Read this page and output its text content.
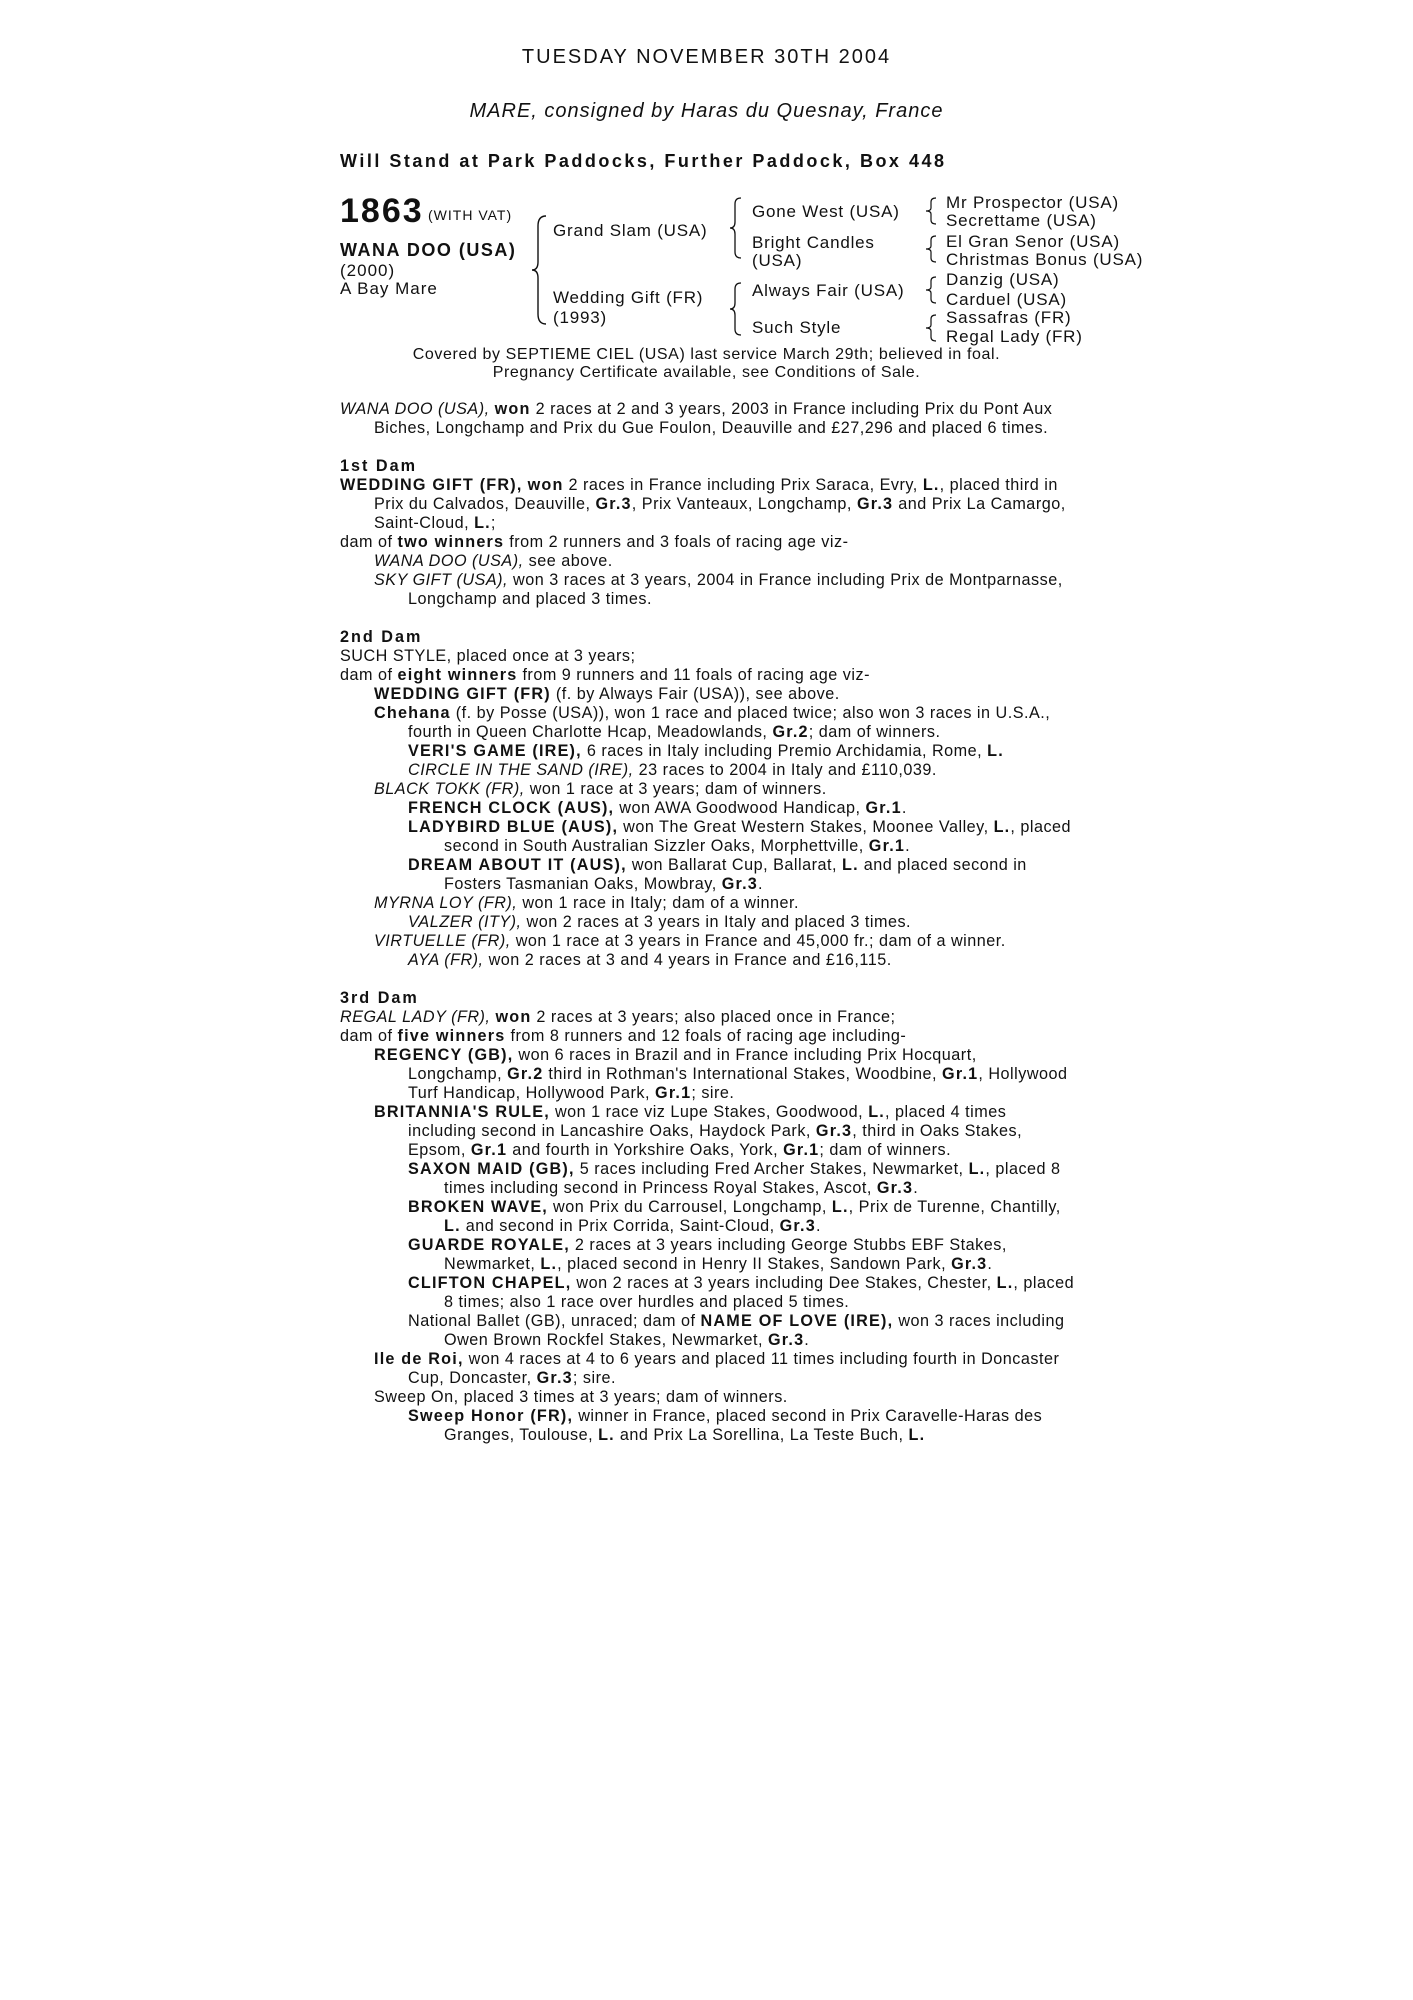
TUESDAY NOVEMBER 30TH 2004
MARE, consigned by Haras du Quesnay, France
Will Stand at Park Paddocks, Further Paddock, Box 448
1863 (WITH VAT)
WANA DOO (USA)
(2000)
A Bay Mare
Grand Slam (USA)
Wedding Gift (FR)
(1993)
Gone West (USA)
Bright Candles
(USA)
Always Fair (USA)
Such Style
Mr Prospector (USA)
Secrettame (USA)
El Gran Senor (USA)
Christmas Bonus (USA)
Danzig (USA)
Carduel (USA)
Sassafras (FR)
Regal Lady (FR)
Covered by SEPTIEME CIEL (USA) last service March 29th; believed in foal.
Pregnancy Certificate available, see Conditions of Sale.

WANA DOO (USA), won 2 races at 2 and 3 years, 2003 in France including Prix du Pont Aux Biches, Longchamp and Prix du Gue Foulon, Deauville and £27,296 and placed 6 times.

1st Dam

WEDDING GIFT (FR), won 2 races in France including Prix Saraca, Evry, L., placed third in Prix du Calvados, Deauville, Gr.3, Prix Vanteaux, Longchamp, Gr.3 and Prix La Camargo, Saint-Cloud, L.;

dam of two winners from 2 runners and 3 foals of racing age viz-

WANA DOO (USA), see above.

SKY GIFT (USA), won 3 races at 3 years, 2004 in France including Prix de Montparnasse, Longchamp and placed 3 times.

2nd Dam

SUCH STYLE, placed once at 3 years;

dam of eight winners from 9 runners and 11 foals of racing age viz-

WEDDING GIFT (FR) (f. by Always Fair (USA)), see above.

Chehana (f. by Posse (USA)), won 1 race and placed twice; also won 3 races in U.S.A., fourth in Queen Charlotte Hcap, Meadowlands, Gr.2; dam of winners.

VERI'S GAME (IRE), 6 races in Italy including Premio Archidamia, Rome, L.

CIRCLE IN THE SAND (IRE), 23 races to 2004 in Italy and £110,039.

BLACK TOKK (FR), won 1 race at 3 years; dam of winners.

FRENCH CLOCK (AUS), won AWA Goodwood Handicap, Gr.1.

LADYBIRD BLUE (AUS), won The Great Western Stakes, Moonee Valley, L., placed second in South Australian Sizzler Oaks, Morphettville, Gr.1.

DREAM ABOUT IT (AUS), won Ballarat Cup, Ballarat, L. and placed second in Fosters Tasmanian Oaks, Mowbray, Gr.3.

MYRNA LOY (FR), won 1 race in Italy; dam of a winner.

VALZER (ITY), won 2 races at 3 years in Italy and placed 3 times.

VIRTUELLE (FR), won 1 race at 3 years in France and 45,000 fr.; dam of a winner.

AYA (FR), won 2 races at 3 and 4 years in France and £16,115.

3rd Dam

REGAL LADY (FR), won 2 races at 3 years; also placed once in France;

dam of five winners from 8 runners and 12 foals of racing age including-

REGENCY (GB), won 6 races in Brazil and in France including Prix Hocquart, Longchamp, Gr.2 third in Rothman's International Stakes, Woodbine, Gr.1, Hollywood Turf Handicap, Hollywood Park, Gr.1; sire.

BRITANNIA'S RULE, won 1 race viz Lupe Stakes, Goodwood, L., placed 4 times including second in Lancashire Oaks, Haydock Park, Gr.3, third in Oaks Stakes, Epsom, Gr.1 and fourth in Yorkshire Oaks, York, Gr.1; dam of winners.

SAXON MAID (GB), 5 races including Fred Archer Stakes, Newmarket, L., placed 8 times including second in Princess Royal Stakes, Ascot, Gr.3.

BROKEN WAVE, won Prix du Carrousel, Longchamp, L., Prix de Turenne, Chantilly, L. and second in Prix Corrida, Saint-Cloud, Gr.3.

GUARDE ROYALE, 2 races at 3 years including George Stubbs EBF Stakes, Newmarket, L., placed second in Henry II Stakes, Sandown Park, Gr.3.

CLIFTON CHAPEL, won 2 races at 3 years including Dee Stakes, Chester, L., placed 8 times; also 1 race over hurdles and placed 5 times.

National Ballet (GB), unraced; dam of NAME OF LOVE (IRE), won 3 races including Owen Brown Rockfel Stakes, Newmarket, Gr.3.

Ile de Roi, won 4 races at 4 to 6 years and placed 11 times including fourth in Doncaster Cup, Doncaster, Gr.3; sire.

Sweep On, placed 3 times at 3 years; dam of winners.

Sweep Honor (FR), winner in France, placed second in Prix Caravelle-Haras des Granges, Toulouse, L. and Prix La Sorellina, La Teste Buch, L.
